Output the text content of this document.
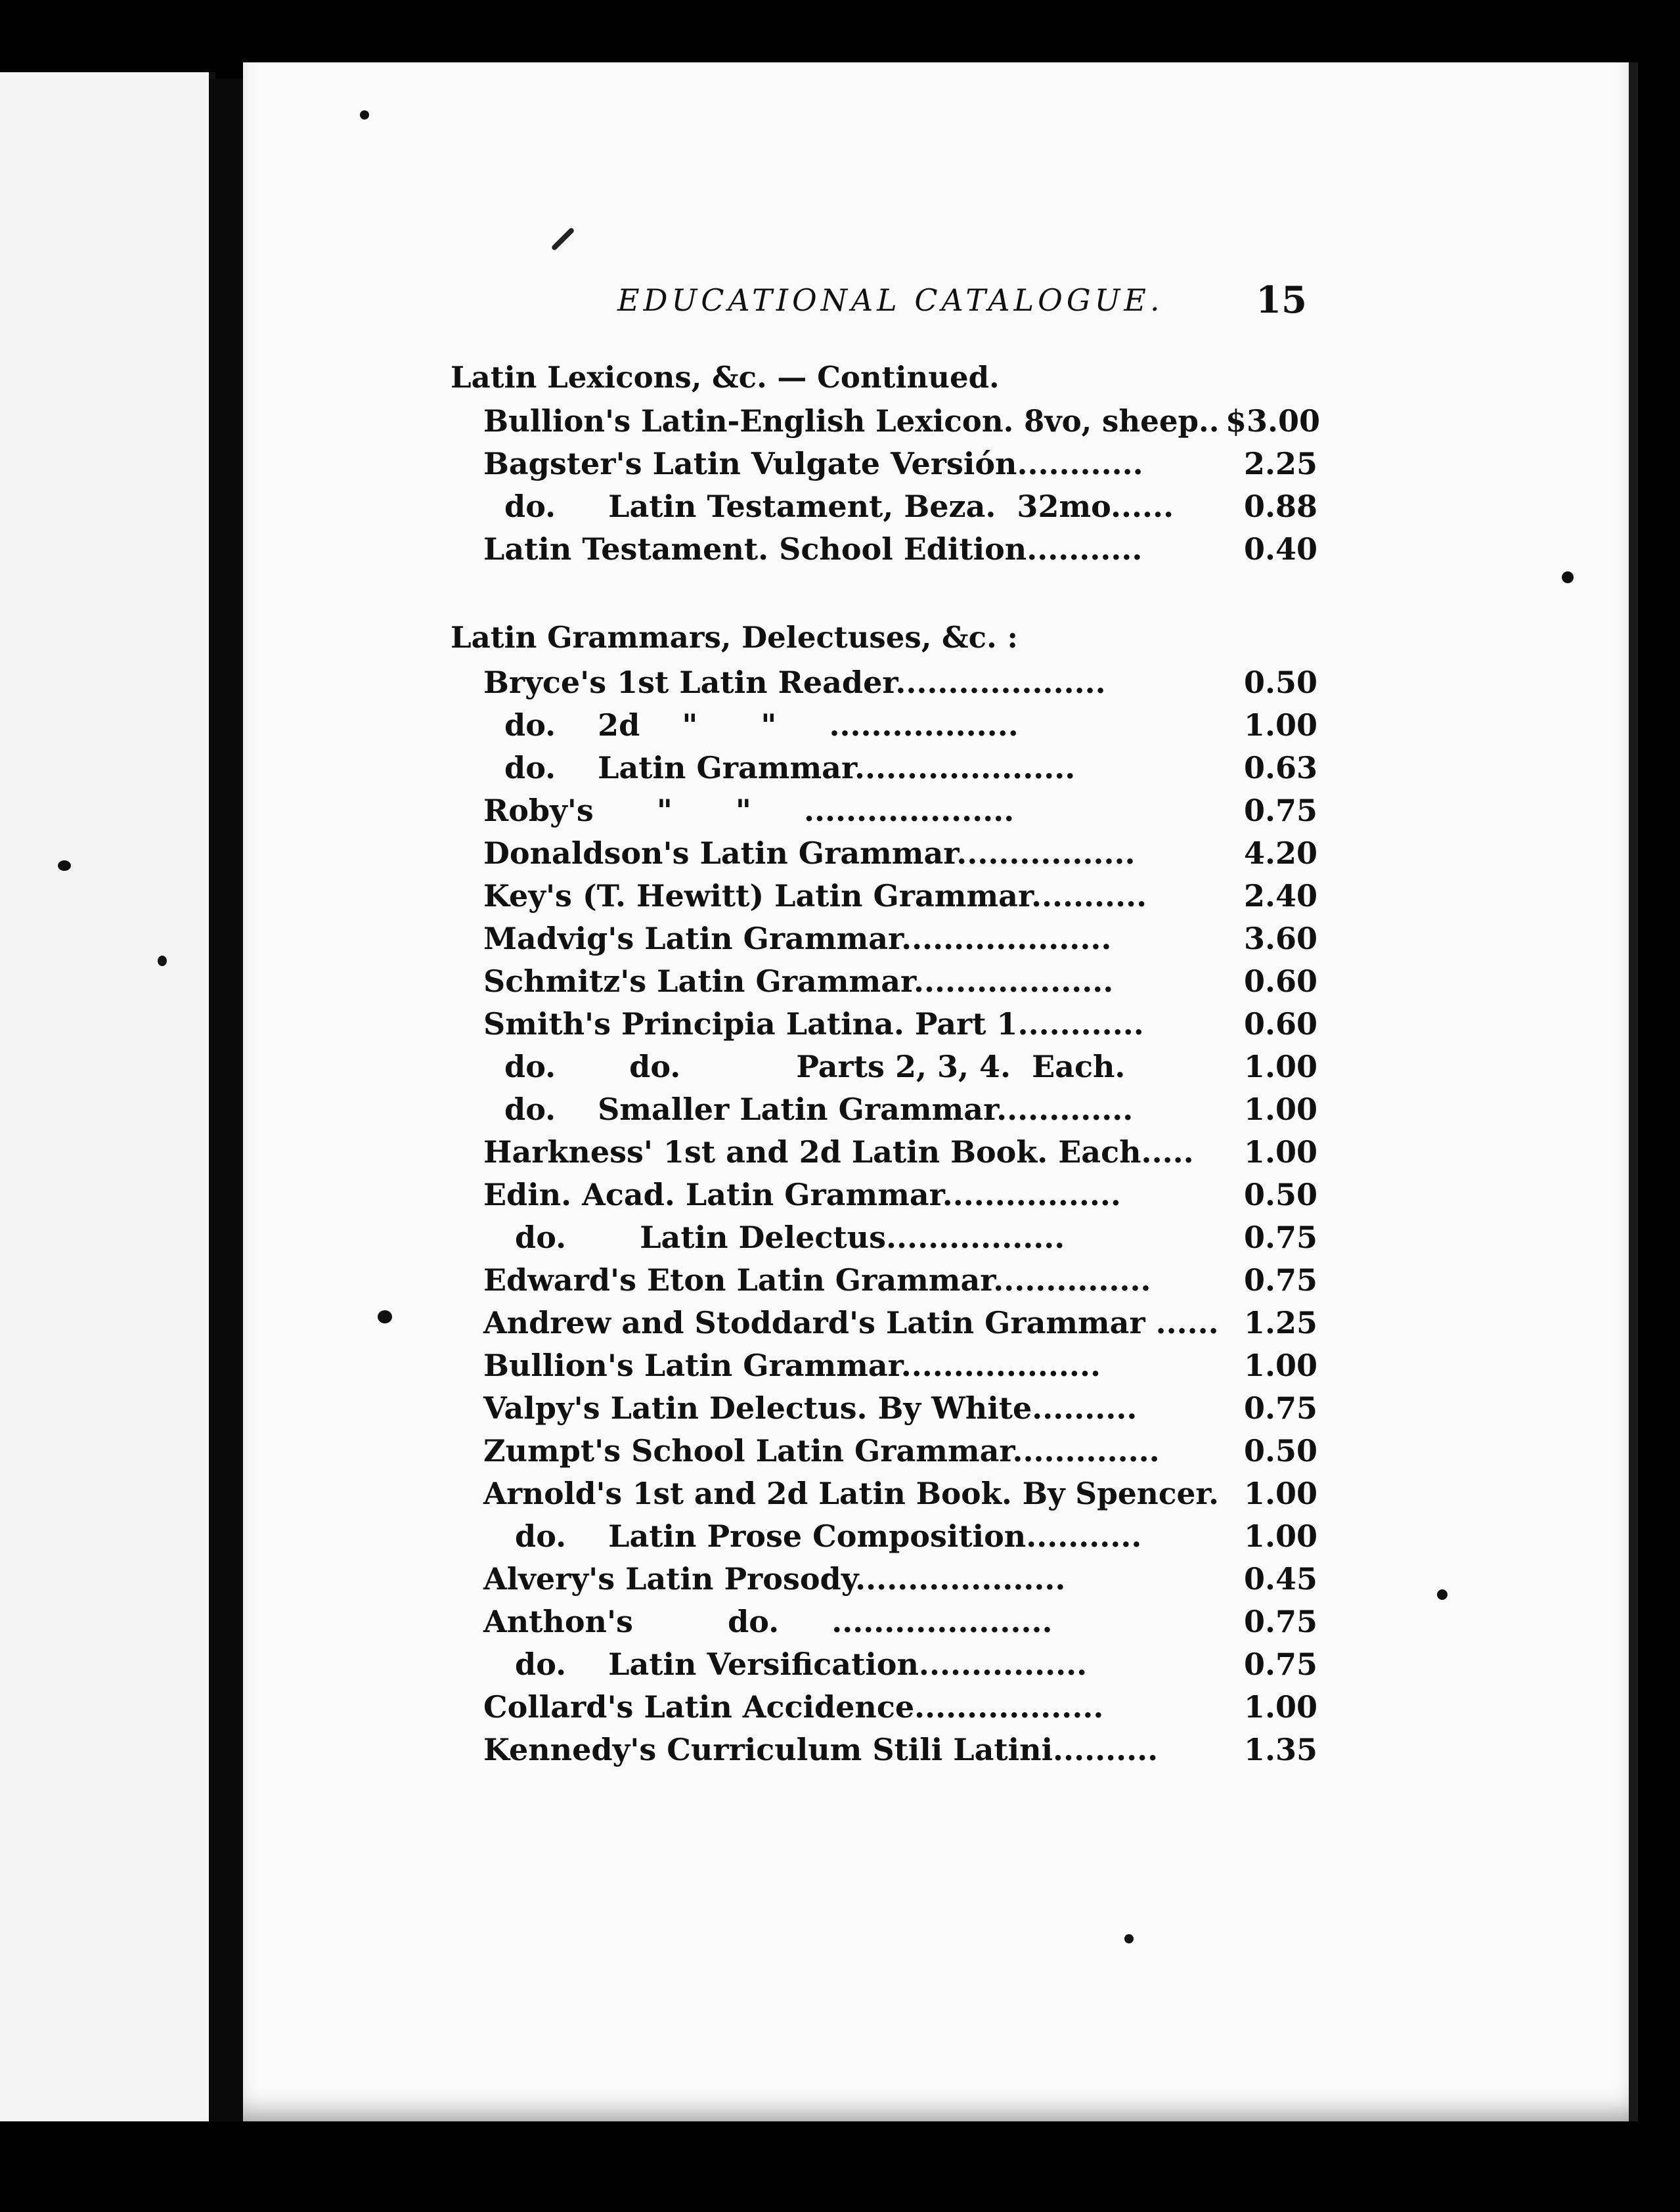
EDUCATIONAL CATALOGUE.	15
Latin Lexicons, &c. — Continued.
Bullion's Latin-English Lexicon. 8vo, sheep.. $3.00
Bagster's Latin Vulgate Versión............	2.25
do.     Latin Testament, Beza.  32mo......	0.88
Latin Testament. School Edition...........	0.40
Latin Grammars, Delectuses, &c. :
Bryce's 1st Latin Reader....................	0.50
do.    2d    "      "     ..................	1.00
do.    Latin Grammar.....................	0.63
Roby's      "      "     ....................	0.75
Donaldson's Latin Grammar.................	4.20
Key's (T. Hewitt) Latin Grammar...........	2.40
Madvig's Latin Grammar....................	3.60
Schmitz's Latin Grammar...................	0.60
Smith's Principia Latina. Part 1............	0.60
do.       do.           Parts 2, 3, 4.  Each.	1.00
do.    Smaller Latin Grammar.............	1.00
Harkness' 1st and 2d Latin Book. Each.....	1.00
Edin. Acad. Latin Grammar.................	0.50
do.       Latin Delectus.................	0.75
Edward's Eton Latin Grammar...............	0.75
Andrew and Stoddard's Latin Grammar ...... 1.25
Bullion's Latin Grammar...................	1.00
Valpy's Latin Delectus. By White..........	0.75
Zumpt's School Latin Grammar..............	0.50
Arnold's 1st and 2d Latin Book. By Spencer. 1.00
do.    Latin Prose Composition...........	1.00
Alvery's Latin Prosody....................	0.45
Anthon's         do.     .....................	0.75
do.    Latin Versification................	0.75
Collard's Latin Accidence..................	1.00
Kennedy's Curriculum Stili Latini..........	1.35
